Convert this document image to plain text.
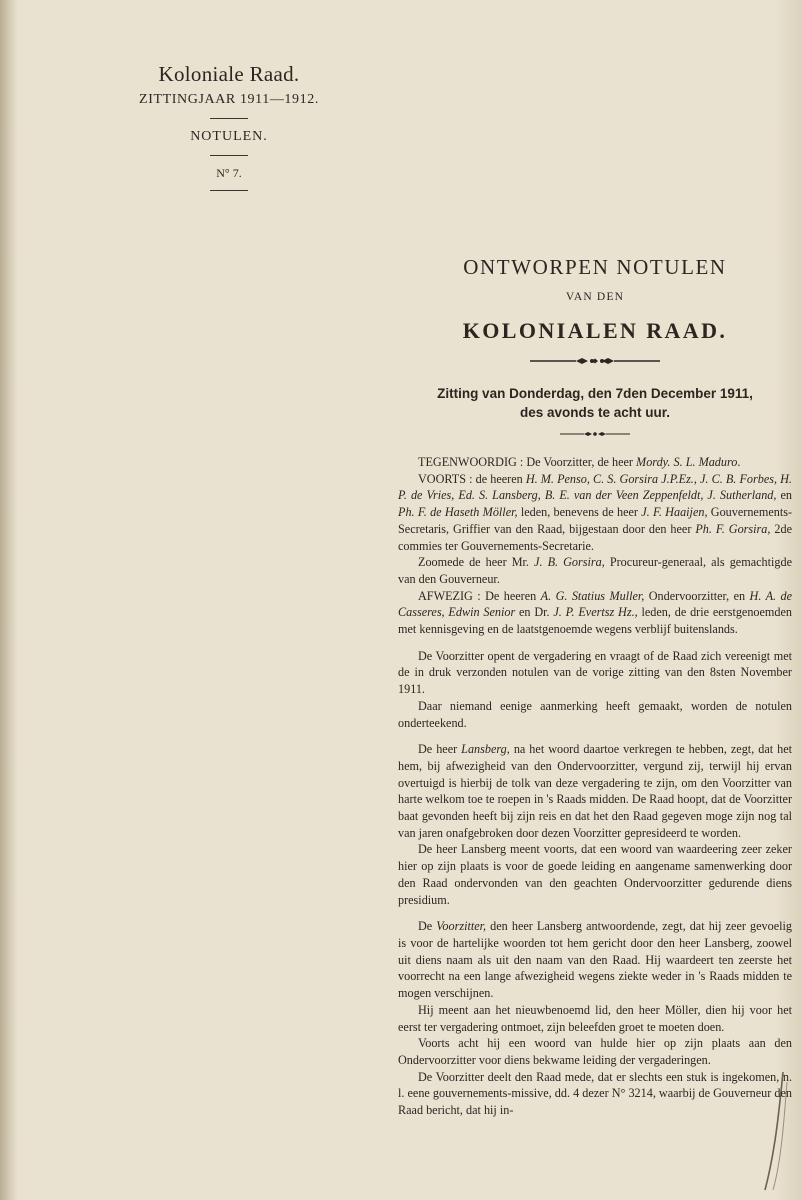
Koloniale Raad.

ZITTINGJAAR 1911—1912.

NOTULEN.

N° 7.

ONTWORPEN NOTULEN

VAN DEN

KOLONIALEN RAAD.

Zitting van Donderdag, den 7den December 1911,
des avonds te acht uur.

TEGENWOORDIG : De Voorzitter, de heer Mordy. S. L. Maduro.

VOORTS : de heeren H. M. Penso, C. S. Gorsira J.P.Ez., J. C. B. Forbes, H. P. de Vries, Ed. S. Lansberg, B. E. van der Veen Zeppenfeldt, J. Sutherland, en Ph. F. de Haseth Möller, leden, benevens de heer J. F. Haaijen, Gouvernements-Secretaris, Griffier van den Raad, bijgestaan door den heer Ph. F. Gorsira, 2de commies ter Gouvernements-Secretarie.

Zoomede de heer Mr. J. B. Gorsira, Procureur-generaal, als gemachtigde van den Gouverneur.

AFWEZIG : De heeren A. G. Statius Muller, Ondervoorzitter, en H. A. de Casseres, Edwin Senior en Dr. J. P. Evertsz Hz., leden, de drie eerstgenoemden met kennisgeving en de laatstgenoemde wegens verblijf buitenslands.

De Voorzitter opent de vergadering en vraagt of de Raad zich vereenigt met de in druk verzonden notulen van de vorige zitting van den 8sten November 1911.

Daar niemand eenige aanmerking heeft gemaakt, worden de notulen onderteekend.

De heer Lansberg, na het woord daartoe verkregen te hebben, zegt, dat het hem, bij afwezigheid van den Ondervoorzitter, vergund zij, terwijl hij ervan overtuigd is hierbij de tolk van deze vergadering te zijn, om den Voorzitter van harte welkom toe te roepen in 's Raads midden. De Raad hoopt, dat de Voorzitter baat gevonden heeft bij zijn reis en dat het den Raad gegeven moge zijn nog tal van jaren onafgebroken door dezen Voorzitter gepresideerd te worden.

De heer Lansberg meent voorts, dat een woord van waardeering zeer zeker hier op zijn plaats is voor de goede leiding en aangename samenwerking door den Raad ondervonden van den geachten Ondervoorzitter gedurende diens presidium.

De Voorzitter, den heer Lansberg antwoordende, zegt, dat hij zeer gevoelig is voor de hartelijke woorden tot hem gericht door den heer Lansberg, zoowel uit diens naam als uit den naam van den Raad. Hij waardeert ten zeerste het voorrecht na een lange afwezigheid wegens ziekte weder in 's Raads midden te mogen verschijnen.

Hij meent aan het nieuwbenoemd lid, den heer Möller, dien hij voor het eerst ter vergadering ontmoet, zijn beleefden groet te moeten doen.

Voorts acht hij een woord van hulde hier op zijn plaats aan den Ondervoorzitter voor diens bekwame leiding der vergaderingen.

De Voorzitter deelt den Raad mede, dat er slechts een stuk is ingekomen, n. l. eene gouvernements-missive, dd. 4 dezer N° 3214, waarbij de Gouverneur den Raad bericht, dat hij in-
